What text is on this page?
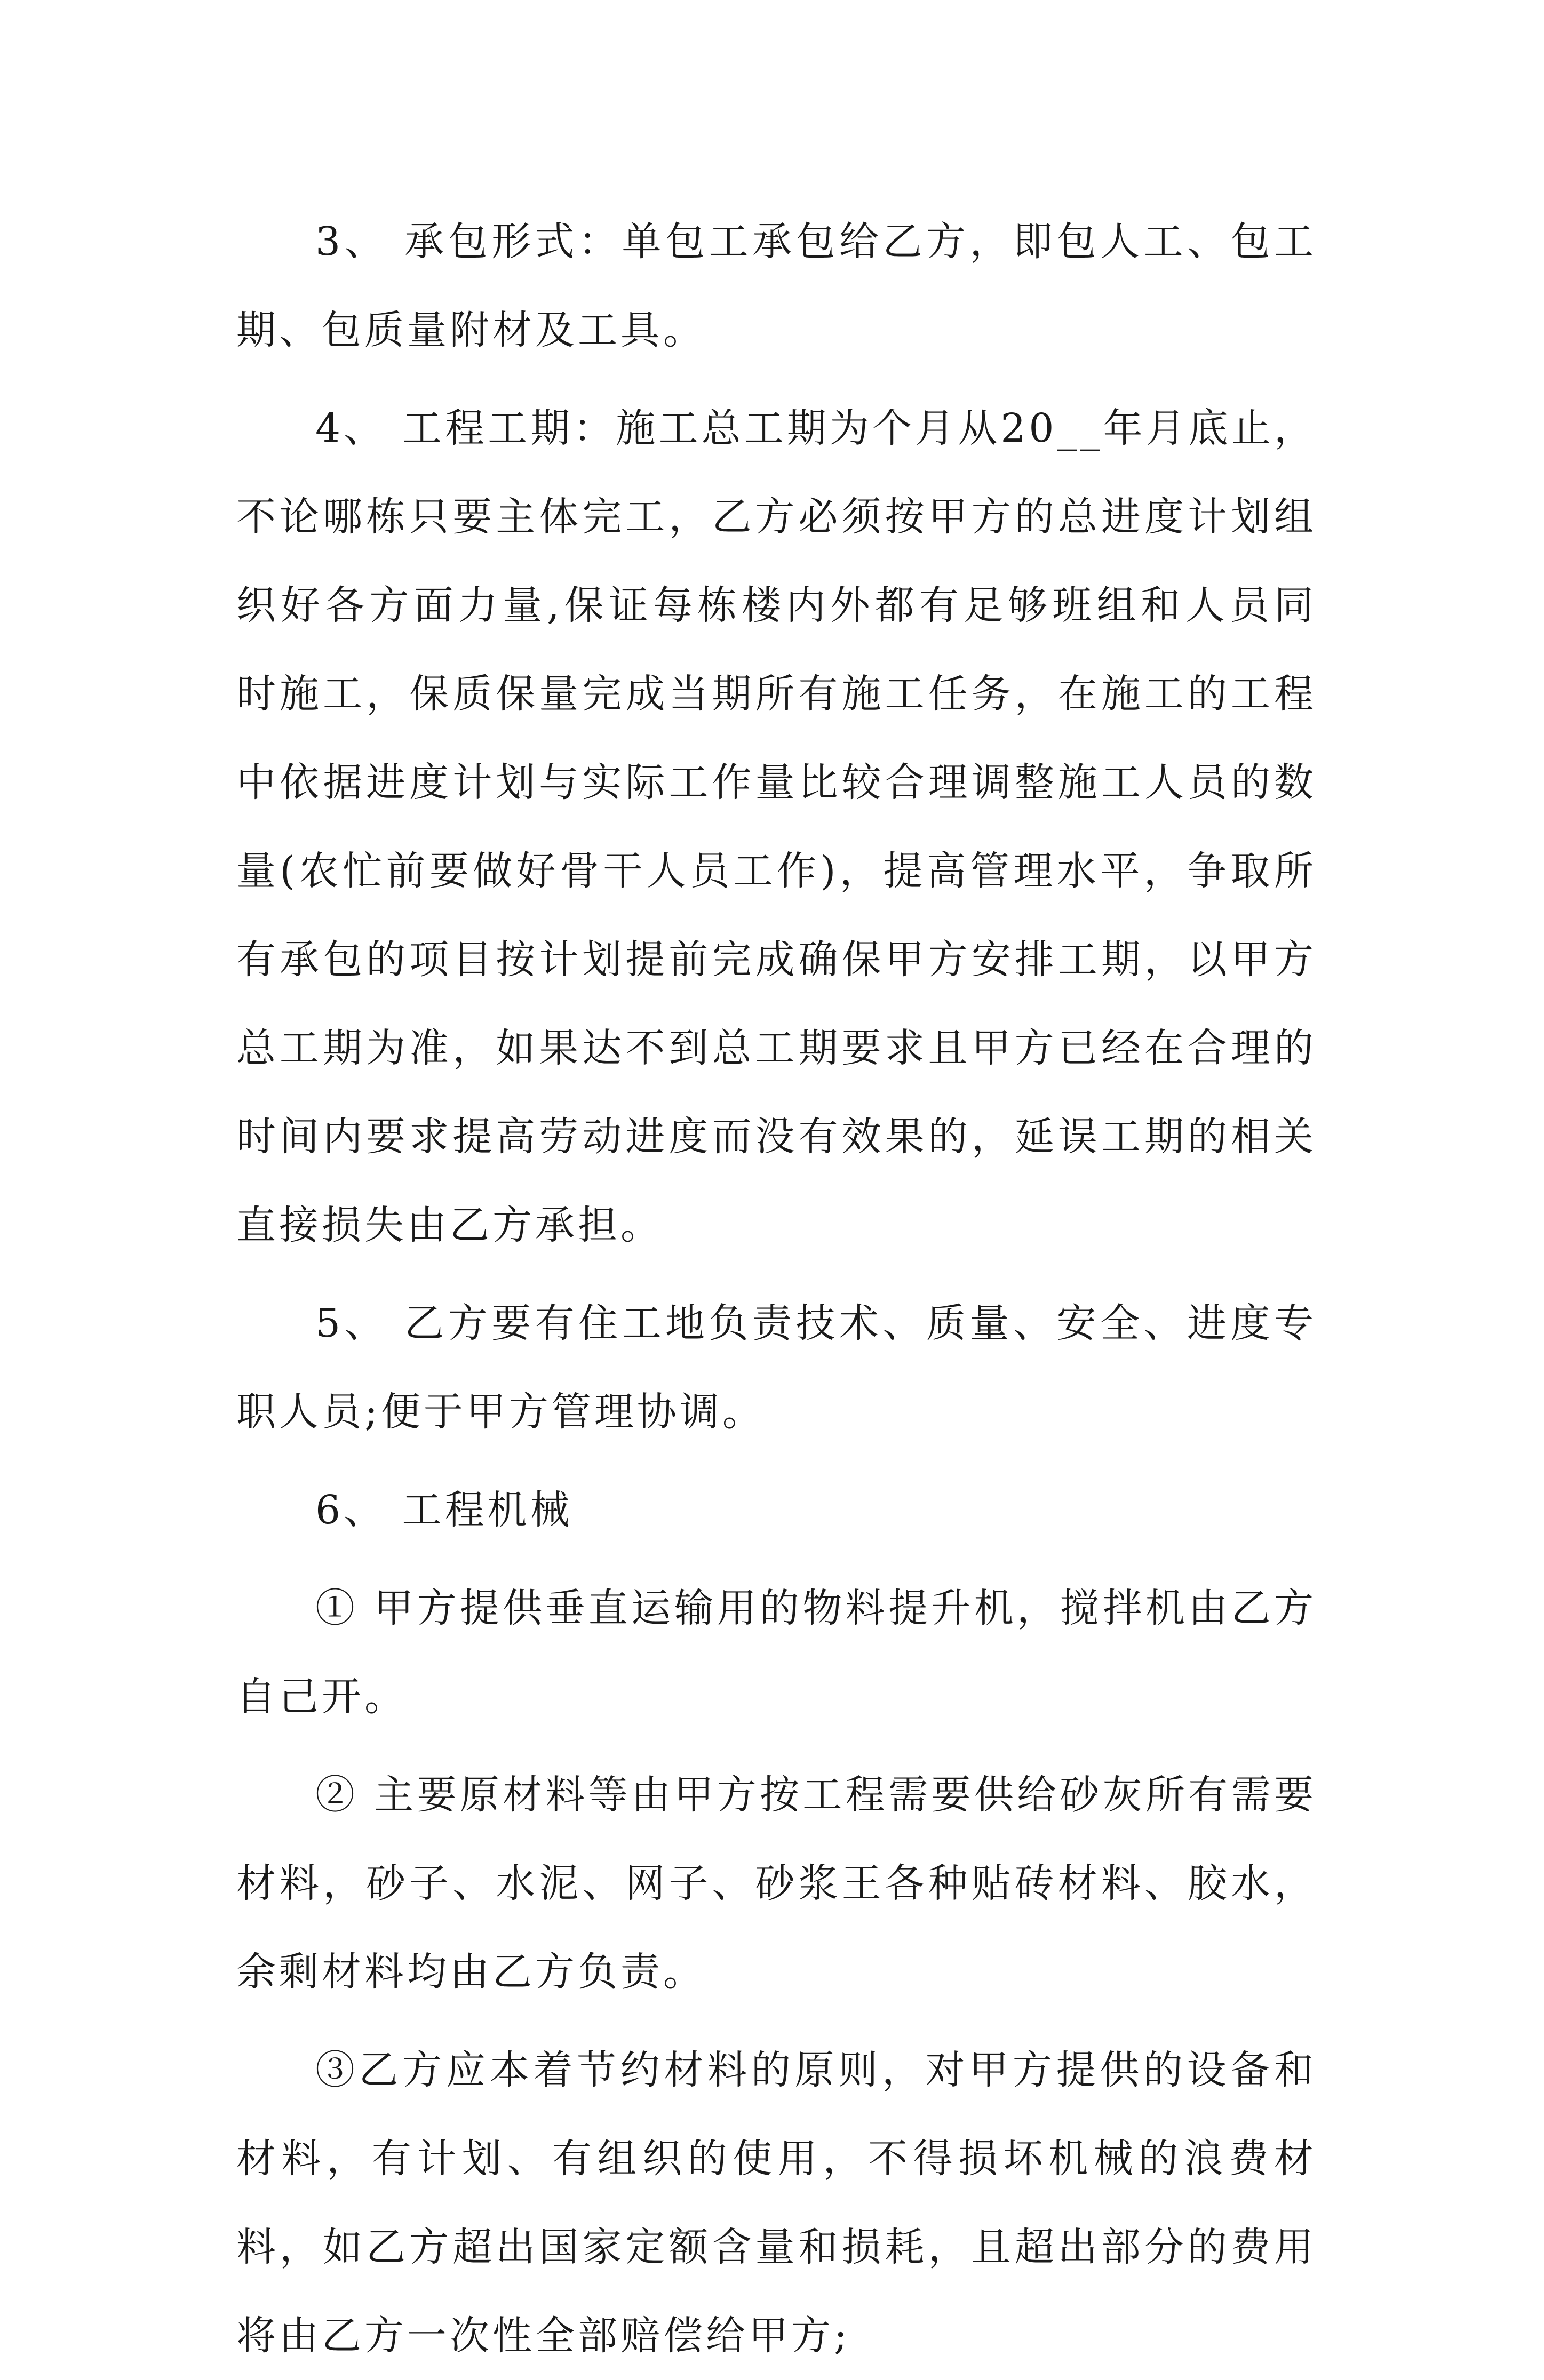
3、 承包形式：单包工承包给乙方，即包人工、包工期、包质量附材及工具。

4、 工程工期：施工总工期为个月从20__年月底止，不论哪栋只要主体完工，乙方必须按甲方的总进度计划组织好各方面力量,保证每栋楼内外都有足够班组和人员同时施工，保质保量完成当期所有施工任务，在施工的工程中依据进度计划与实际工作量比较合理调整施工人员的数量(农忙前要做好骨干人员工作)，提高管理水平，争取所有承包的项目按计划提前完成确保甲方安排工期，以甲方总工期为准，如果达不到总工期要求且甲方已经在合理的时间内要求提高劳动进度而没有效果的，延误工期的相关直接损失由乙方承担。

5、 乙方要有住工地负责技术、质量、安全、进度专职人员;便于甲方管理协调。

6、 工程机械

① 甲方提供垂直运输用的物料提升机，搅拌机由乙方自己开。

② 主要原材料等由甲方按工程需要供给砂灰所有需要材料，砂子、水泥、网子、砂浆王各种贴砖材料、胶水，余剩材料均由乙方负责。

③乙方应本着节约材料的原则，对甲方提供的设备和材料，有计划、有组织的使用，不得损坏机械的浪费材料，如乙方超出国家定额含量和损耗，且超出部分的费用将由乙方一次性全部赔偿给甲方;
